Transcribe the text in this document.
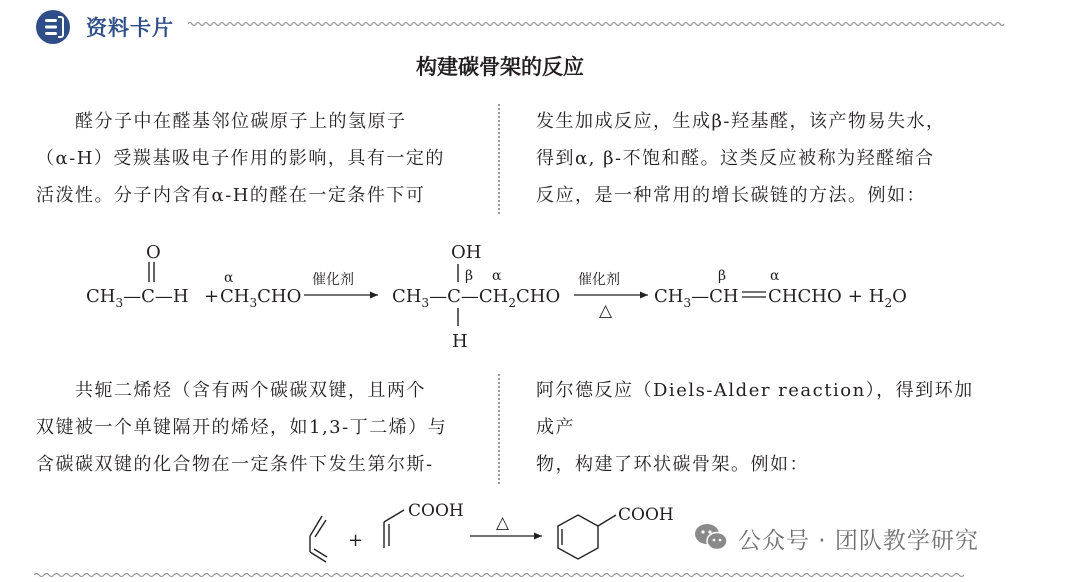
资料卡片
构建碳骨架的反应

　　醛分子中在醛基邻位碳原子上的氢原子

（α-H）受羰基吸电子作用的影响，具有一定的

活泼性。分子内含有α-H的醛在一定条件下可

发生加成反应，生成β-羟基醛，该产物易失水，

得到α, β-不饱和醛。这类反应被称为羟醛缩合

反应，是一种常用的增长碳链的方法。例如：

O
$CH_3—C—H$ +
α
$CH_3CHO$
催化剂
OH
β α
$CH_3—C—CH_2CHO$
H
催化剂
△
β	α
$CH_3—CH$ CHCHO + $H_2O$

　　共轭二烯烃（含有两个碳碳双键，且两个

双键被一个单键隔开的烯烃，如1,3-丁二烯）与

含碳碳双键的化合物在一定条件下发生第尔斯-

阿尔德反应（Diels-Alder reaction），得到环加成产

物，构建了环状碳骨架。例如：

+
COOH
△	COOH
公众号 · 团队教学研究
